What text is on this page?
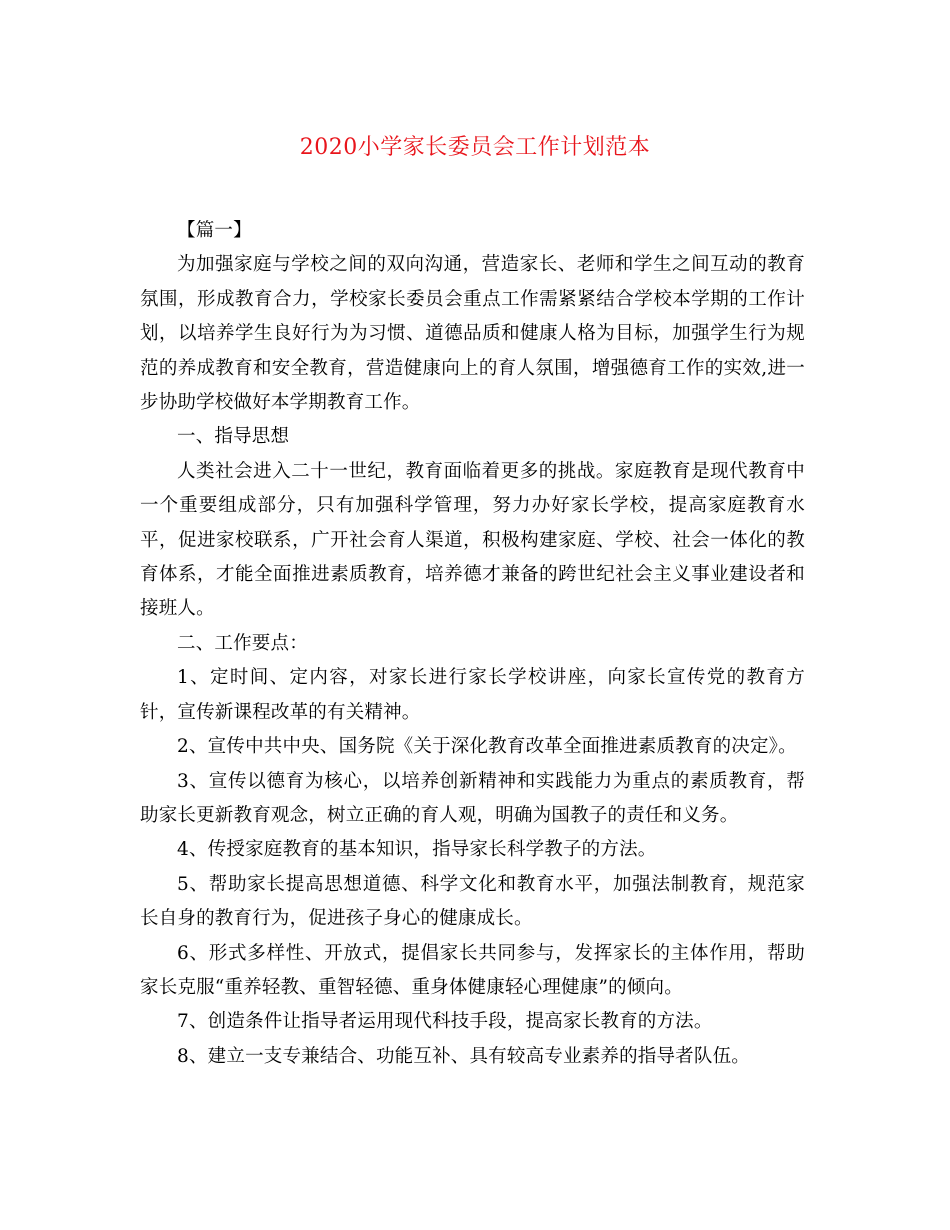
2020小学家长委员会工作计划范本

【篇一】

为加强家庭与学校之间的双向沟通，营造家长、老师和学生之间互动的教育氛围，形成教育合力，学校家长委员会重点工作需紧紧结合学校本学期的工作计划，以培养学生良好行为为习惯、道德品质和健康人格为目标，加强学生行为规范的养成教育和安全教育，营造健康向上的育人氛围，增强德育工作的实效,进一步协助学校做好本学期教育工作。

一、指导思想

人类社会进入二十一世纪，教育面临着更多的挑战。家庭教育是现代教育中一个重要组成部分，只有加强科学管理，努力办好家长学校，提高家庭教育水平，促进家校联系，广开社会育人渠道，积极构建家庭、学校、社会一体化的教育体系，才能全面推进素质教育，培养德才兼备的跨世纪社会主义事业建设者和接班人。

二、工作要点：

1、定时间、定内容，对家长进行家长学校讲座，向家长宣传党的教育方针，宣传新课程改革的有关精神。

2、宣传中共中央、国务院《关于深化教育改革全面推进素质教育的决定》。

3、宣传以德育为核心，以培养创新精神和实践能力为重点的素质教育，帮助家长更新教育观念，树立正确的育人观，明确为国教子的责任和义务。

4、传授家庭教育的基本知识，指导家长科学教子的方法。

5、帮助家长提高思想道德、科学文化和教育水平，加强法制教育，规范家长自身的教育行为，促进孩子身心的健康成长。

6、形式多样性、开放式，提倡家长共同参与，发挥家长的主体作用，帮助家长克服“重养轻教、重智轻德、重身体健康轻心理健康”的倾向。

7、创造条件让指导者运用现代科技手段，提高家长教育的方法。

8、建立一支专兼结合、功能互补、具有较高专业素养的指导者队伍。
